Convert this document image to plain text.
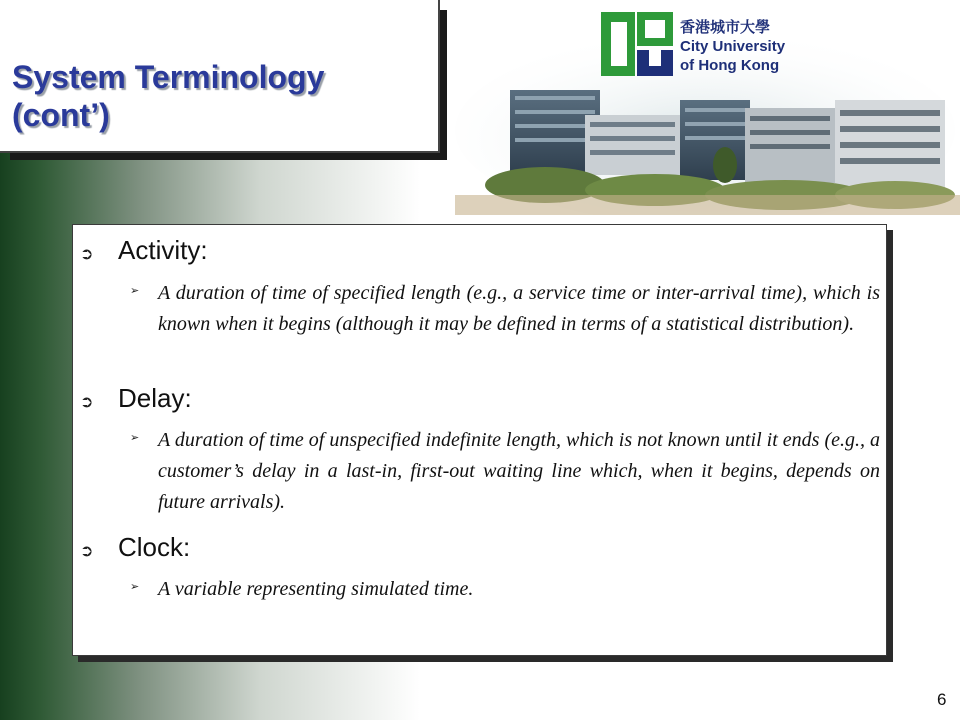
System Terminology
(cont’)
香港城市大學
City University
of Hong Kong
➲ Activity:
➢ A duration of time of specified length (e.g., a service time or inter-arrival time), which is known when it begins (although it may be defined in terms of a statistical distribution).
➲ Delay:
➢ A duration of time of unspecified indefinite length, which is not known until it ends (e.g., a customer’s delay in a last-in, first-out waiting line which, when it begins, depends on future arrivals).
➲ Clock:
➢ A variable representing simulated time.
6
